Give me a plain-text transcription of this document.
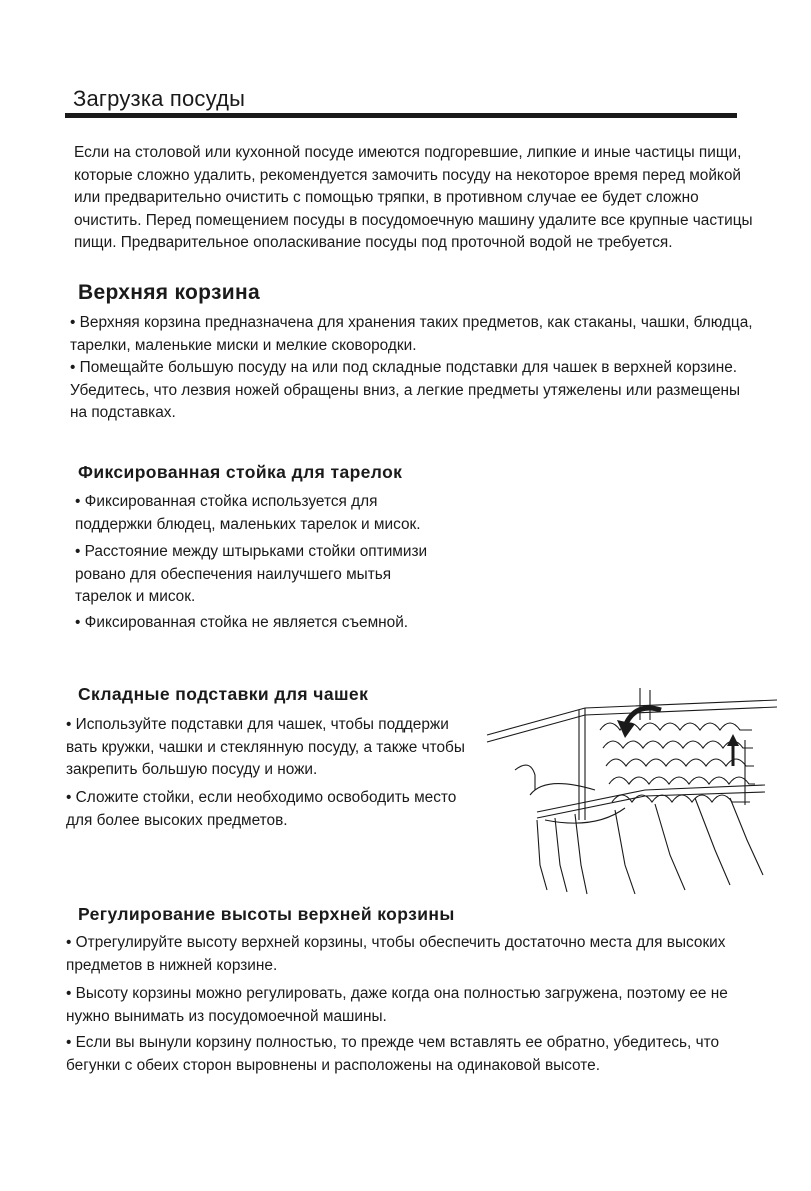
Загрузка посуды

Если на столовой или кухонной посуде имеются подгоревшие, липкие и иные частицы пищи,
которые сложно удалить, рекомендуется замочить посуду на некоторое время перед мойкой
или предварительно очистить с помощью тряпки, в противном случае ее будет сложно
очистить. Перед помещением посуды в посудомоечную машину удалите все крупные частицы
пищи. Предварительное ополаскивание посуды под проточной водой не требуется.

Верхняя корзина

• Верхняя корзина предназначена для хранения таких предметов, как стаканы, чашки, блюдца,
тарелки, маленькие миски и мелкие сковородки.

• Помещайте большую посуду на или под складные подставки для чашек в верхней корзине.
Убедитесь, что лезвия ножей обращены вниз, а легкие предметы утяжелены или размещены
на подставках.

Фиксированная стойка для тарелок

• Фиксированная стойка используется для
поддержки блюдец, маленьких тарелок и мисок.

• Расстояние между штырьками стойки оптимизи
ровано для обеспечения наилучшего мытья
тарелок и мисок.

• Фиксированная стойка не является съемной.

Складные подставки для чашек

• Используйте подставки для чашек, чтобы поддержи
вать кружки, чашки и стеклянную посуду, а также чтобы
закрепить большую посуду и ножи.

• Сложите стойки, если необходимо освободить место
для более высоких предметов.

Регулирование высоты верхней корзины

• Отрегулируйте высоту верхней корзины, чтобы обеспечить достаточно места для высоких
предметов в нижней корзине.

• Высоту корзины можно регулировать, даже когда она полностью загружена, поэтому ее не
нужно вынимать из посудомоечной машины.

• Если вы вынули корзину полностью, то прежде чем вставлять ее обратно, убедитесь, что
бегунки с обеих сторон выровнены и расположены на одинаковой высоте.
